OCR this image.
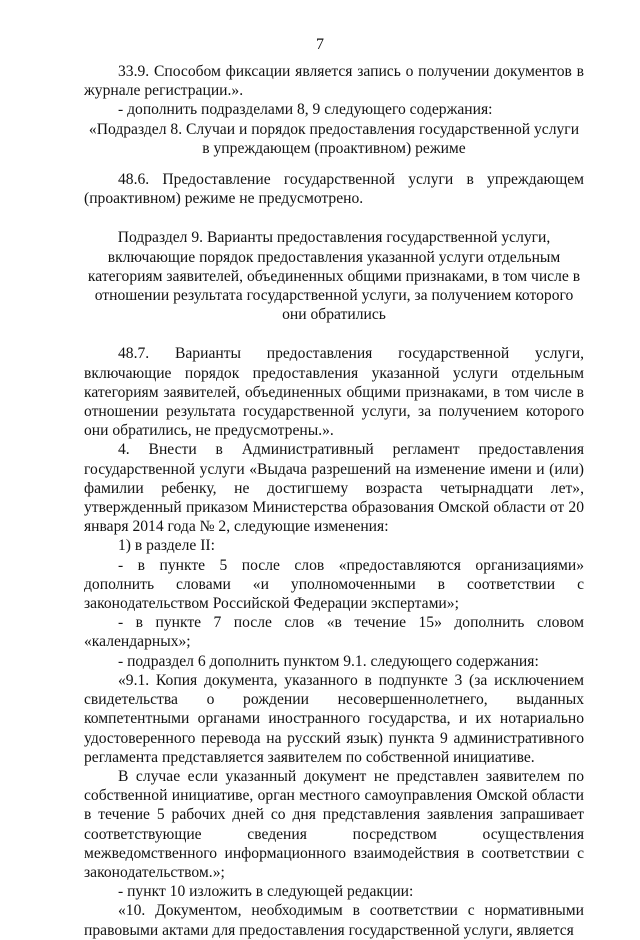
7

33.9. Способом фиксации является запись о получении документов в журнале регистрации.».

- дополнить подразделами 8, 9 следующего содержания:

«Подраздел 8. Случаи и порядок предоставления государственной услуги в упреждающем (проактивном) режиме

48.6. Предоставление государственной услуги в упреждающем (проактивном) режиме не предусмотрено.

Подраздел 9. Варианты предоставления государственной услуги, включающие порядок предоставления указанной услуги отдельным категориям заявителей, объединенных общими признаками, в том числе в отношении результата государственной услуги, за получением которого они обратились

48.7. Варианты предоставления государственной услуги, включающие порядок предоставления указанной услуги отдельным категориям заявителей, объединенных общими признаками, в том числе в отношении результата государственной услуги, за получением которого они обратились, не предусмотрены.».

4. Внести в Административный регламент предоставления государственной услуги «Выдача разрешений на изменение имени и (или) фамилии ребенку, не достигшему возраста четырнадцати лет», утвержденный приказом Министерства образования Омской области от 20 января 2014 года № 2, следующие изменения:

1) в разделе II:

- в пункте 5 после слов «предоставляются организациями» дополнить словами «и уполномоченными в соответствии с законодательством Российской Федерации экспертами»;

- в пункте 7 после слов «в течение 15» дополнить словом «календарных»;

- подраздел 6 дополнить пунктом 9.1. следующего содержания:

«9.1. Копия документа, указанного в подпункте 3 (за исключением свидетельства о рождении несовершеннолетнего, выданных компетентными органами иностранного государства, и их нотариально удостоверенного перевода на русский язык) пункта 9 административного регламента представляется заявителем по собственной инициативе.

В случае если указанный документ не представлен заявителем по собственной инициативе, орган местного самоуправления Омской области в течение 5 рабочих дней со дня представления заявления запрашивает соответствующие сведения посредством осуществления межведомственного информационного взаимодействия в соответствии с законодательством.»;

- пункт 10 изложить в следующей редакции:

«10. Документом, необходимым в соответствии с нормативными правовыми актами для предоставления государственной услуги, является
